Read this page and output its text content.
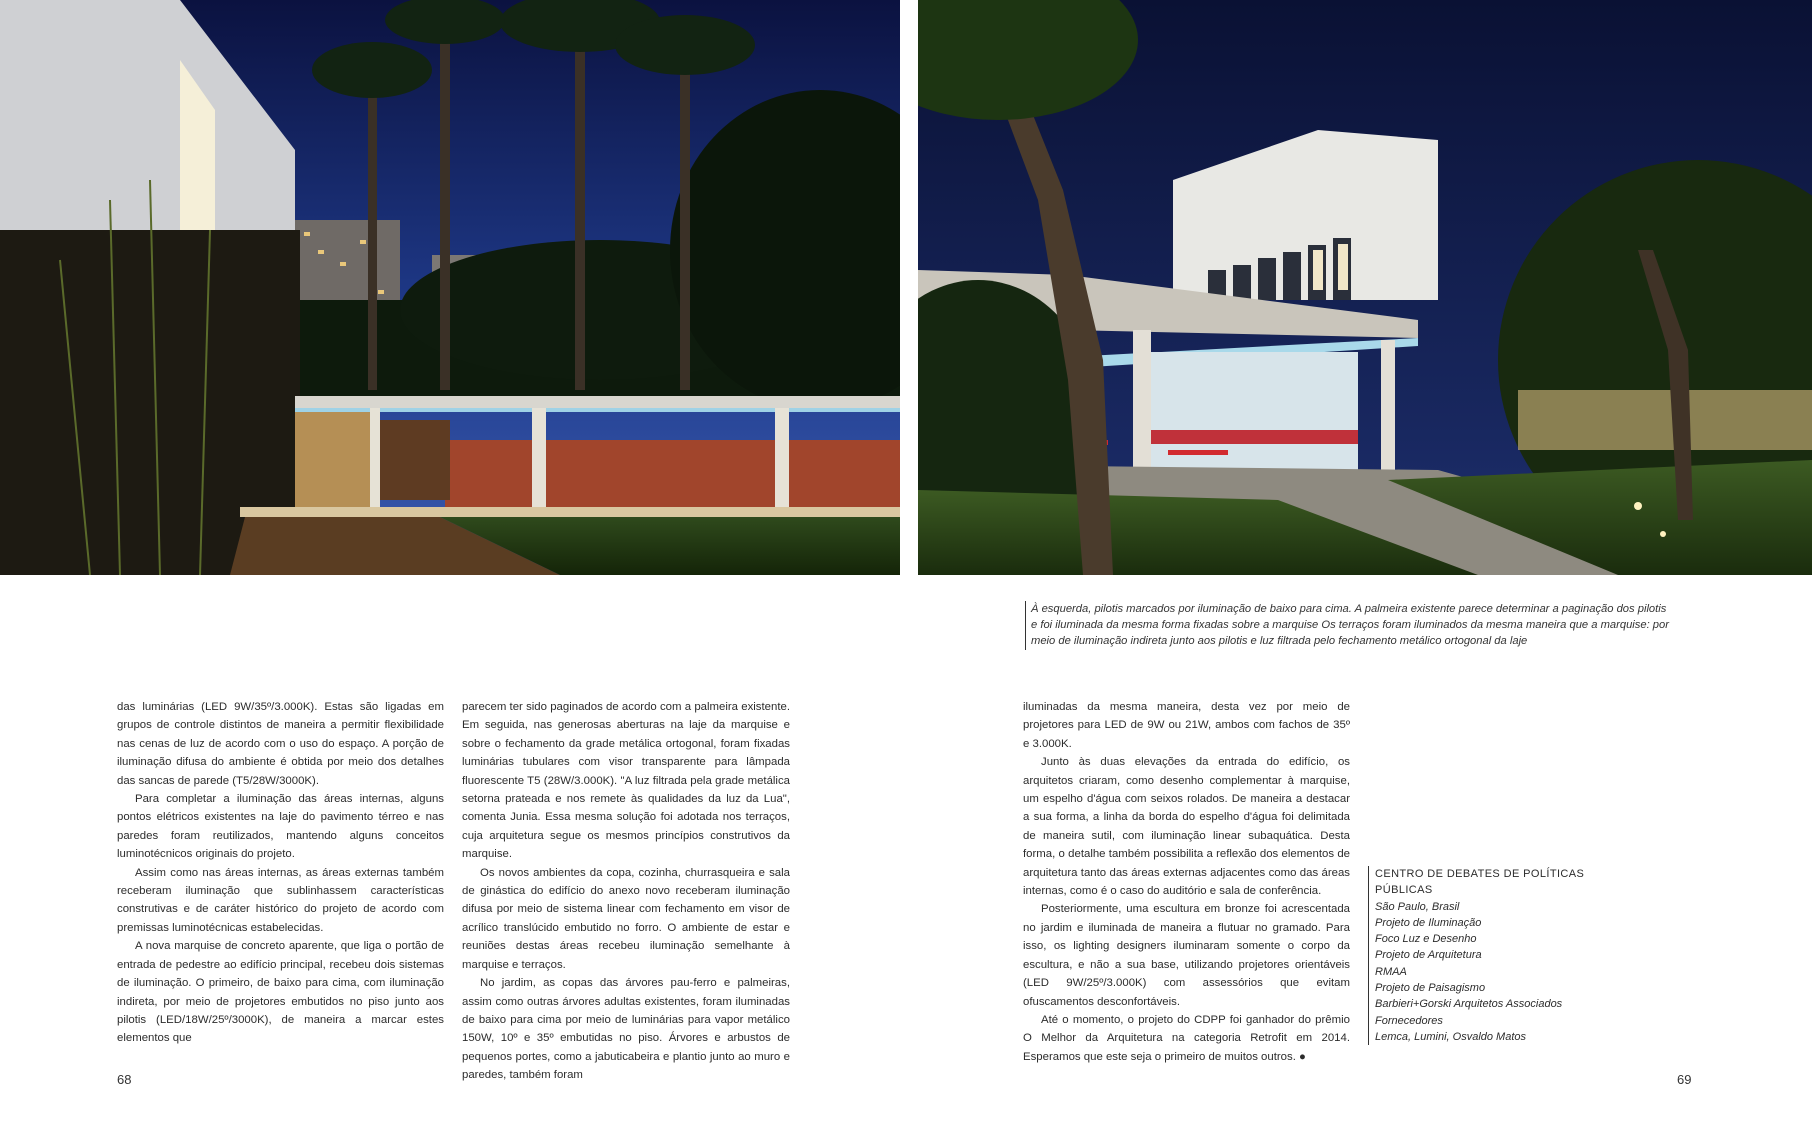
À esquerda, pilotis marcados por iluminação de baixo para cima. A palmeira existente parece determinar a paginação dos pilotis e foi iluminada da mesma forma fixadas sobre a marquise Os terraços foram iluminados da mesma maneira que a marquise: por meio de iluminação indireta junto aos pilotis e luz filtrada pelo fechamento metálico ortogonal da laje

das luminárias (LED 9W/35º/3.000K). Estas são ligadas em grupos de controle distintos de maneira a permitir flexibilidade nas cenas de luz de acordo com o uso do espaço. A porção de iluminação difusa do ambiente é obtida por meio dos detalhes das sancas de parede (T5/28W/3000K).

Para completar a iluminação das áreas internas, alguns pontos elétricos existentes na laje do pavimento térreo e nas paredes foram reutilizados, mantendo alguns conceitos luminotécnicos originais do projeto.

Assim como nas áreas internas, as áreas externas também receberam iluminação que sublinhassem características construtivas e de caráter histórico do projeto de acordo com premissas luminotécnicas estabelecidas.

A nova marquise de concreto aparente, que liga o portão de entrada de pedestre ao edifício principal, recebeu dois sistemas de iluminação. O primeiro, de baixo para cima, com iluminação indireta, por meio de projetores embutidos no piso junto aos pilotis (LED/18W/25º/3000K), de maneira a marcar estes elementos que

parecem ter sido paginados de acordo com a palmeira existente. Em seguida, nas generosas aberturas na laje da marquise e sobre o fechamento da grade metálica ortogonal, foram fixadas luminárias tubulares com visor transparente para lâmpada fluorescente T5 (28W/3.000K). "A luz filtrada pela grade metálica setorna prateada e nos remete às qualidades da luz da Lua", comenta Junia. Essa mesma solução foi adotada nos terraços, cuja arquitetura segue os mesmos princípios construtivos da marquise.

Os novos ambientes da copa, cozinha, churrasqueira e sala de ginástica do edifício do anexo novo receberam iluminação difusa por meio de sistema linear com fechamento em visor de acrílico translúcido embutido no forro. O ambiente de estar e reuniões destas áreas recebeu iluminação semelhante à marquise e terraços.

No jardim, as copas das árvores pau-ferro e palmeiras, assim como outras árvores adultas existentes, foram iluminadas de baixo para cima por meio de luminárias para vapor metálico 150W, 10º e 35º embutidas no piso. Árvores e arbustos de pequenos portes, como a jabuticabeira e plantio junto ao muro e paredes, também foram

iluminadas da mesma maneira, desta vez por meio de projetores para LED de 9W ou 21W, ambos com fachos de 35º e 3.000K.

Junto às duas elevações da entrada do edifício, os arquitetos criaram, como desenho complementar à marquise, um espelho d'água com seixos rolados. De maneira a destacar a sua forma, a linha da borda do espelho d'água foi delimitada de maneira sutil, com iluminação linear subaquática. Desta forma, o detalhe também possibilita a reflexão dos elementos de arquitetura tanto das áreas externas adjacentes como das áreas internas, como é o caso do auditório e sala de conferência.

Posteriormente, uma escultura em bronze foi acrescentada no jardim e iluminada de maneira a flutuar no gramado. Para isso, os lighting designers iluminaram somente o corpo da escultura, e não a sua base, utilizando projetores orientáveis (LED 9W/25º/3.000K) com assessórios que evitam ofuscamentos desconfortáveis.

Até o momento, o projeto do CDPP foi ganhador do prêmio O Melhor da Arquitetura na categoria Retrofit em 2014. Esperamos que este seja o primeiro de muitos outros. ●

CENTRO DE DEBATES DE POLÍTICAS PÚBLICAS
São Paulo, Brasil
Projeto de Iluminação
Foco Luz e Desenho
Projeto de Arquitetura
RMAA
Projeto de Paisagismo
Barbieri+Gorski Arquitetos Associados
Fornecedores
Lemca, Lumini, Osvaldo Matos
68	69
